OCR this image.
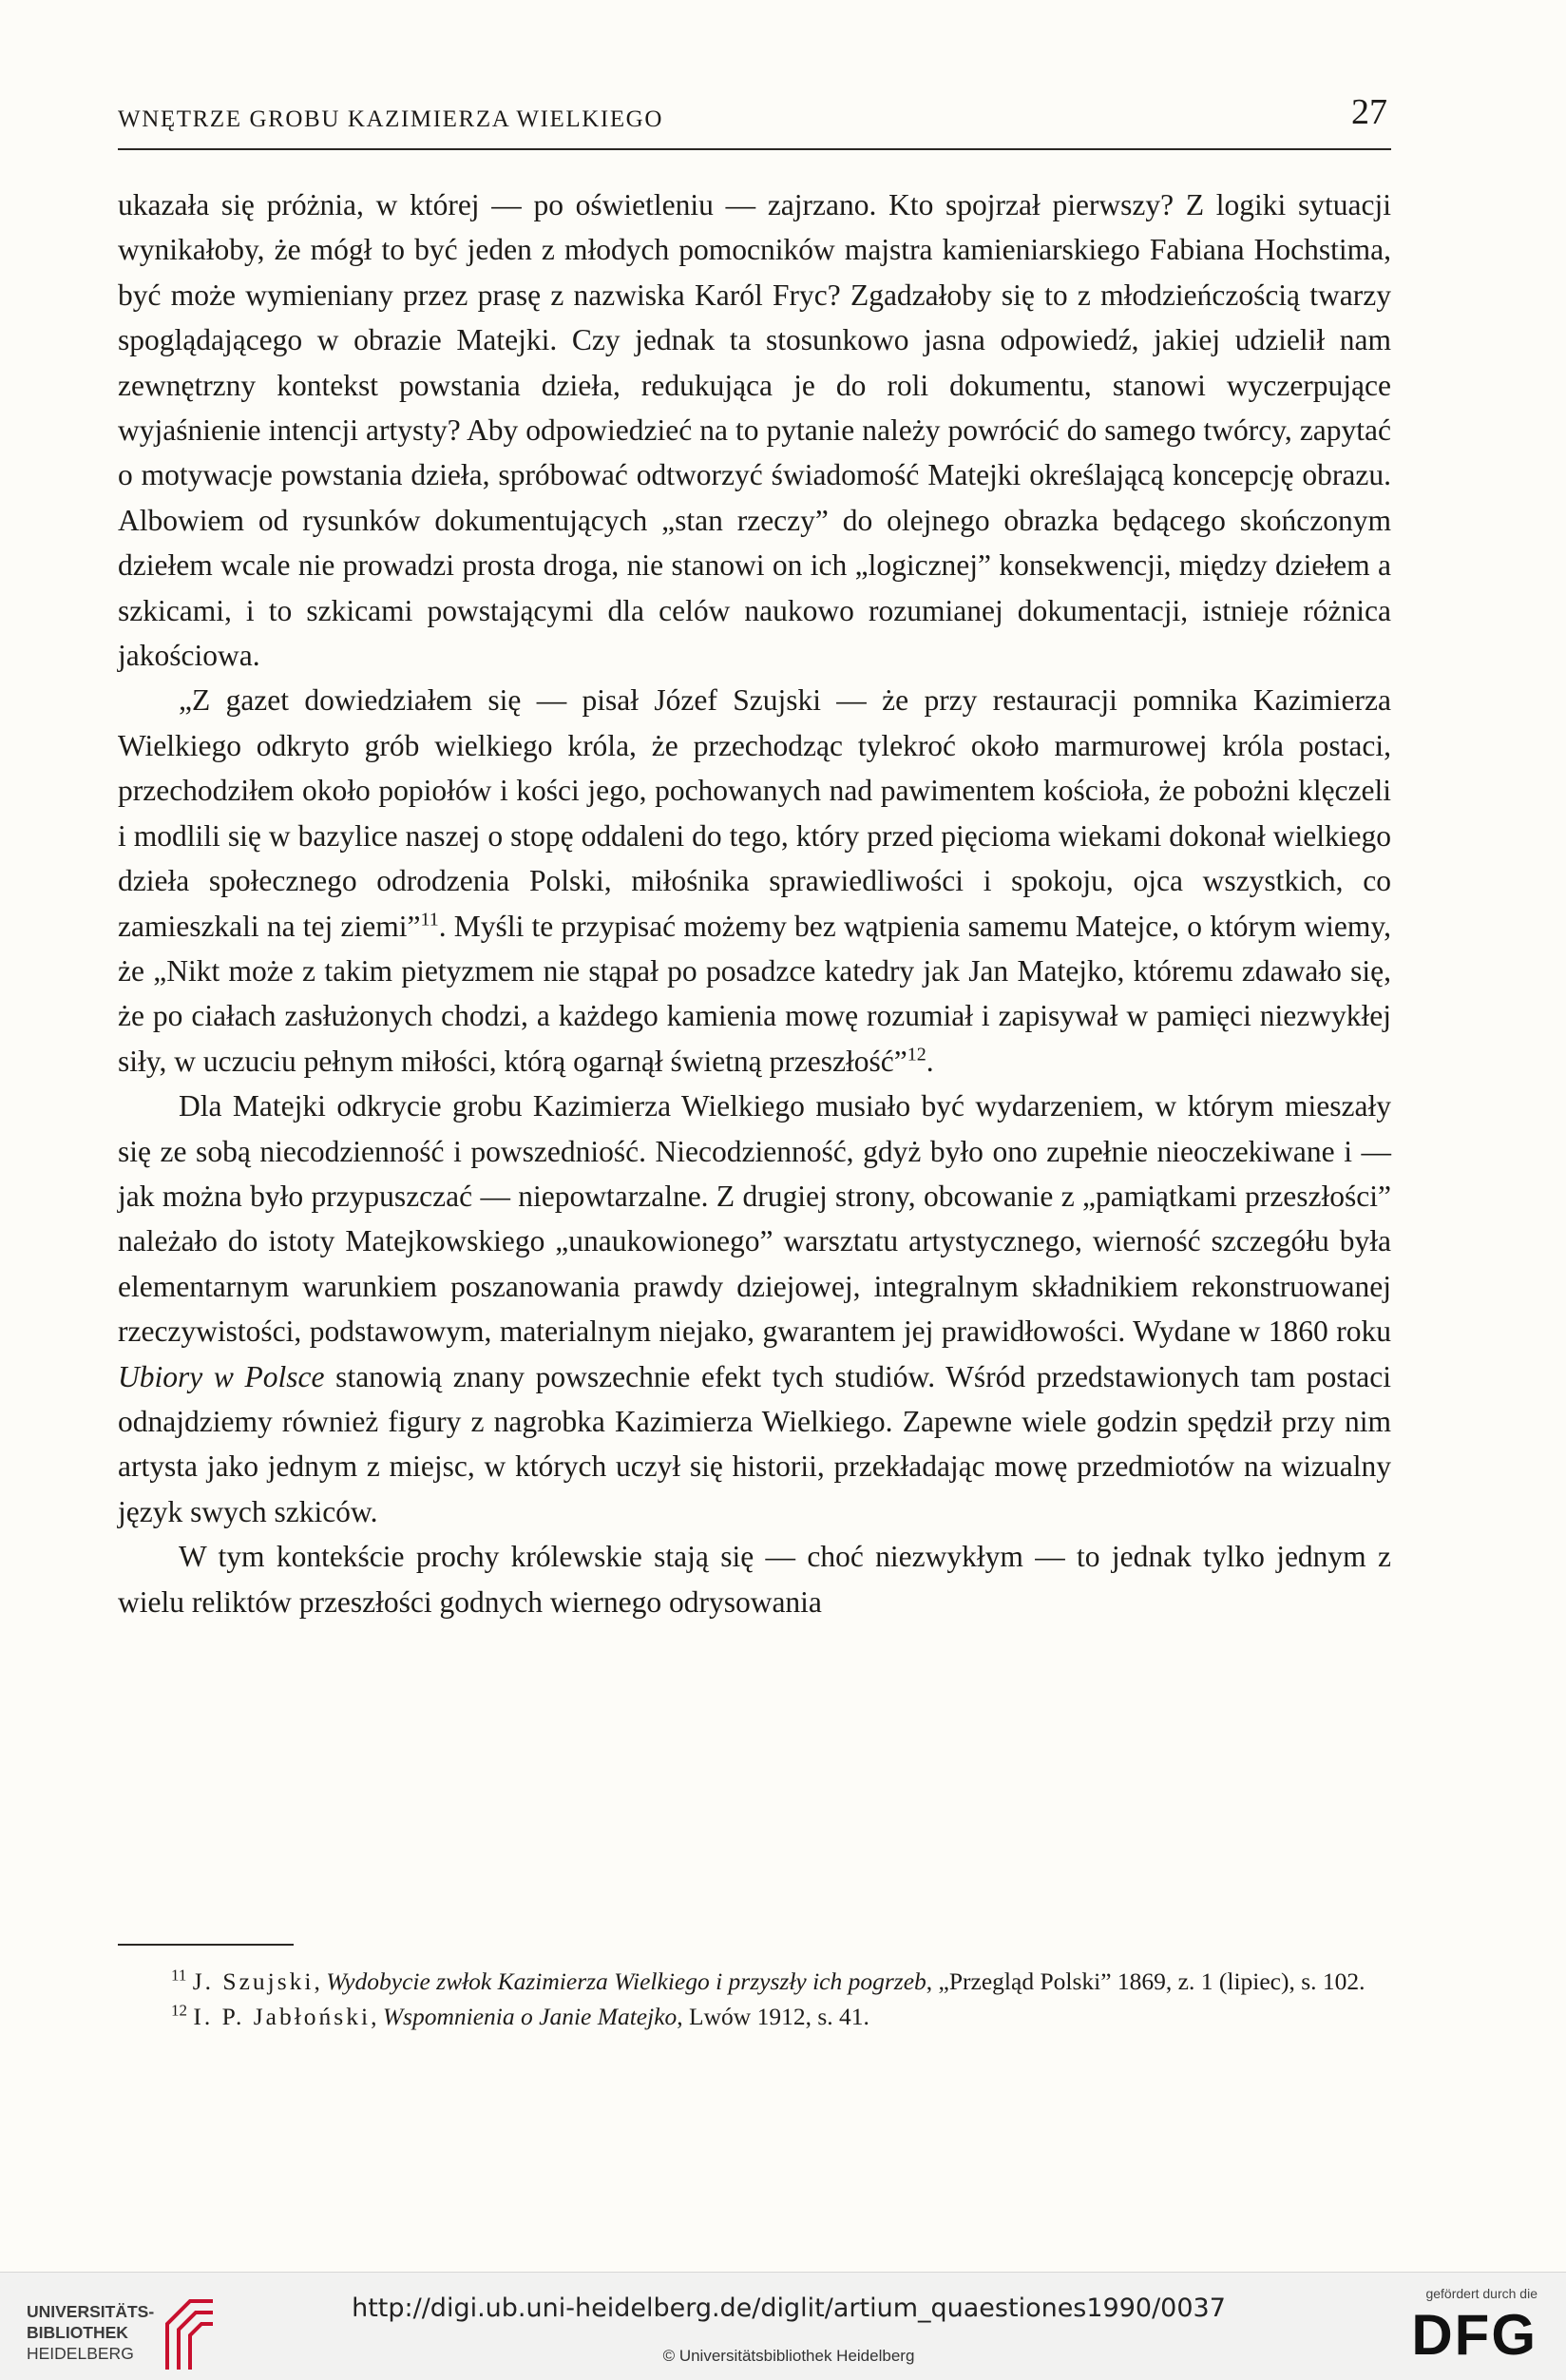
WNĘTRZE GROBU KAZIMIERZA WIELKIEGO	27

ukazała się próżnia, w której — po oświetleniu — zajrzano. Kto spojrzał pierwszy? Z logiki sytuacji wynikałoby, że mógł to być jeden z młodych pomocników majstra kamieniarskiego Fabiana Hochstima, być może wymieniany przez prasę z nazwiska Karól Fryc? Zgadzałoby się to z młodzieńczością twarzy spoglądającego w obrazie Matejki. Czy jednak ta stosunkowo jasna odpowiedź, jakiej udzielił nam zewnętrzny kontekst powstania dzieła, redukująca je do roli dokumentu, stanowi wyczerpujące wyjaśnienie intencji artysty? Aby odpowiedzieć na to pytanie należy powrócić do samego twórcy, zapytać o motywacje powstania dzieła, spróbować odtworzyć świadomość Matejki określającą koncepcję obrazu. Albowiem od rysunków dokumentujących „stan rzeczy” do olejnego obrazka będącego skończonym dziełem wcale nie prowadzi prosta droga, nie stanowi on ich „logicznej” konsekwencji, między dziełem a szkicami, i to szkicami powstającymi dla celów naukowo rozumianej dokumentacji, istnieje różnica jakościowa.

„Z gazet dowiedziałem się — pisał Józef Szujski — że przy restauracji pomnika Kazimierza Wielkiego odkryto grób wielkiego króla, że przechodząc tylekroć około marmurowej króla postaci, przechodziłem około popiołów i kości jego, pochowanych nad pawimentem kościoła, że pobożni klęczeli i modlili się w bazylice naszej o stopę oddaleni do tego, który przed pięcioma wiekami dokonał wielkiego dzieła społecznego odrodzenia Polski, miłośnika sprawiedliwości i spokoju, ojca wszystkich, co zamieszkali na tej ziemi”$^{11}$. Myśli te przypisać możemy bez wątpienia samemu Matejce, o którym wiemy, że „Nikt może z takim pietyzmem nie stąpał po posadzce katedry jak Jan Matejko, któremu zdawało się, że po ciałach zasłużonych chodzi, a każdego kamienia mowę rozumiał i zapisywał w pamięci niezwykłej siły, w uczuciu pełnym miłości, którą ogarnął świetną przeszłość”$^{12}$.

Dla Matejki odkrycie grobu Kazimierza Wielkiego musiało być wydarzeniem, w którym mieszały się ze sobą niecodzienność i powszedniość. Niecodzienność, gdyż było ono zupełnie nieoczekiwane i — jak można było przypuszczać — niepowtarzalne. Z drugiej strony, obcowanie z „pamiątkami przeszłości” należało do istoty Matejkowskiego „unaukowionego” warsztatu artystycznego, wierność szczegółu była elementarnym warunkiem poszanowania prawdy dziejowej, integralnym składnikiem rekonstruowanej rzeczywistości, podstawowym, materialnym niejako, gwarantem jej prawidłowości. Wydane w 1860 roku Ubiory w Polsce stanowią znany powszechnie efekt tych studiów. Wśród przedstawionych tam postaci odnajdziemy również figury z nagrobka Kazimierza Wielkiego. Zapewne wiele godzin spędził przy nim artysta jako jednym z miejsc, w których uczył się historii, przekładając mowę przedmiotów na wizualny język swych szkiców.

W tym kontekście prochy królewskie stają się — choć niezwykłym — to jednak tylko jednym z wielu reliktów przeszłości godnych wiernego odrysowania

$^{11}$ J. Szujski, Wydobycie zwłok Kazimierza Wielkiego i przyszły ich pogrzeb, „Przegląd Polski” 1869, z. 1 (lipiec), s. 102.

$^{12}$ I. P. Jabłoński, Wspomnienia o Janie Matejko, Lwów 1912, s. 41.

UNIVERSITÄTS-
BIBLIOTHEK
HEIDELBERG
http://digi.ub.uni-heidelberg.de/diglit/artium_quaestiones1990/0037
© Universitätsbibliothek Heidelberg
gefördert durch die
DFG
